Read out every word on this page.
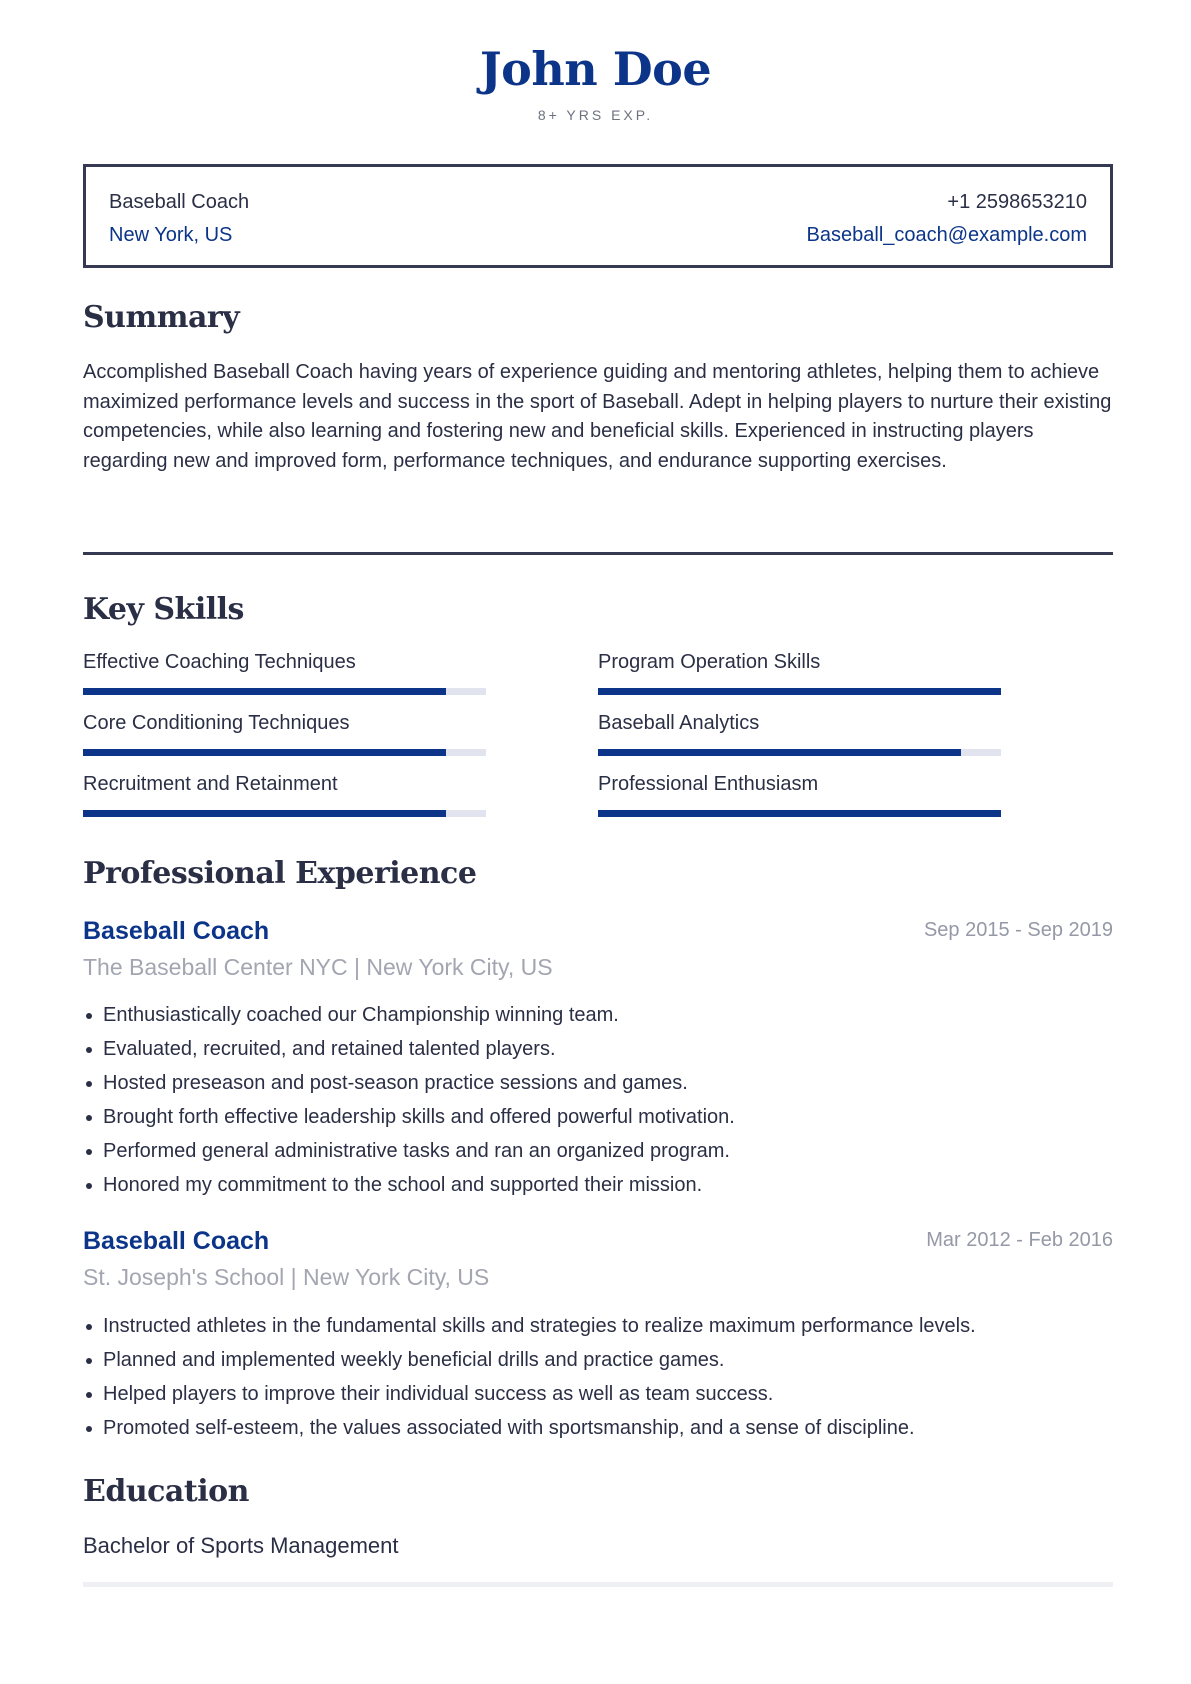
John Doe
8+ YRS EXP.
Baseball Coach
New York, US
+1 2598653210
Baseball_coach@example.com
Summary
Accomplished Baseball Coach having years of experience guiding and mentoring athletes, helping them to achieve maximized performance levels and success in the sport of Baseball. Adept in helping players to nurture their existing competencies, while also learning and fostering new and beneficial skills. Experienced in instructing players regarding new and improved form, performance techniques, and endurance supporting exercises.
Key Skills
Effective Coaching Techniques	Program Operation Skills
Core Conditioning Techniques	Baseball Analytics
Recruitment and Retainment	Professional Enthusiasm
Professional Experience
Baseball Coach	Sep 2015 - Sep 2019
The Baseball Center NYC | New York City, US
Enthusiastically coached our Championship winning team.
Evaluated, recruited, and retained talented players.
Hosted preseason and post-season practice sessions and games.
Brought forth effective leadership skills and offered powerful motivation.
Performed general administrative tasks and ran an organized program.
Honored my commitment to the school and supported their mission.
Baseball Coach	Mar 2012 - Feb 2016
St. Joseph's School | New York City, US
Instructed athletes in the fundamental skills and strategies to realize maximum performance levels.
Planned and implemented weekly beneficial drills and practice games.
Helped players to improve their individual success as well as team success.
Promoted self-esteem, the values associated with sportsmanship, and a sense of discipline.
Education
Bachelor of Sports Management
